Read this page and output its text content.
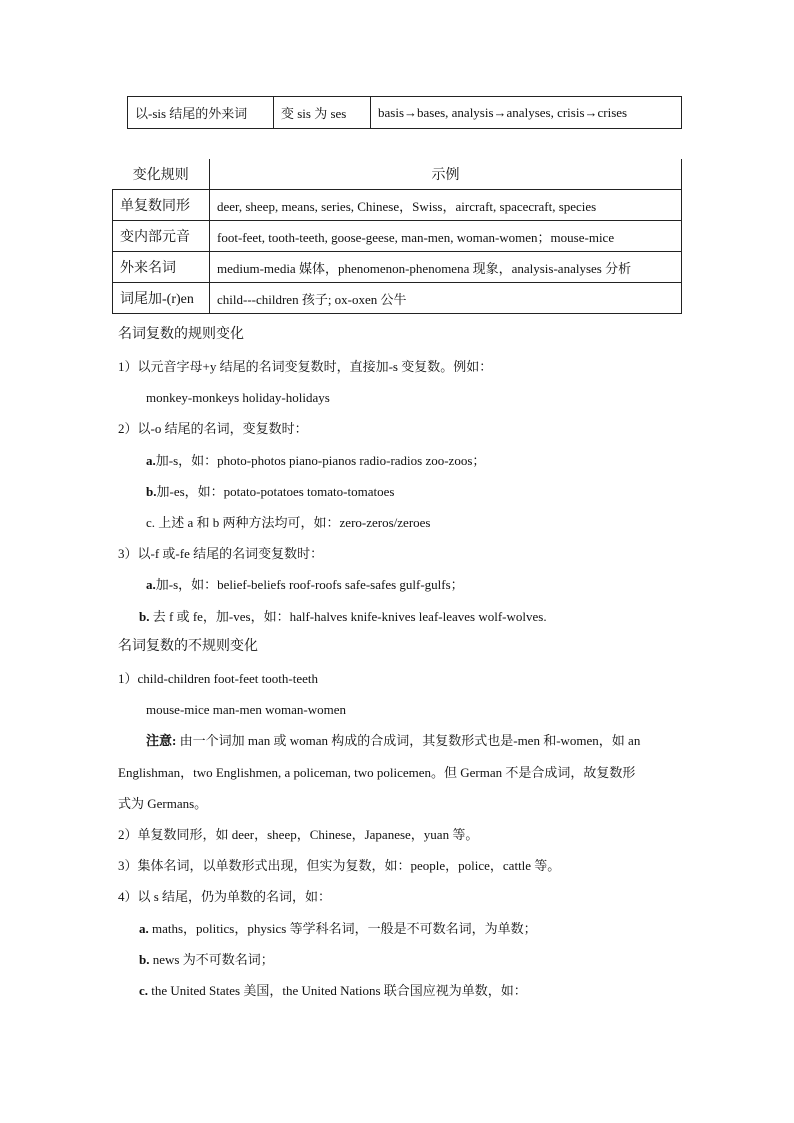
以-sis 结尾的外来词	变 sis 为 ses	basis→bases, analysis→analyses, crisis→crises
变化规则	示例
单复数同形	deer, sheep, means, series, Chinese，Swiss，aircraft, spacecraft, species
变内部元音	foot-feet, tooth-teeth, goose-geese, man-men, woman-women；mouse-mice
外来名词	medium-media 媒体，phenomenon-phenomena 现象，analysis-analyses 分析
词尾加-(r)en	child---children 孩子; ox-oxen 公牛
名词复数的规则变化
1）以元音字母+y 结尾的名词变复数时，直接加-s 变复数。例如：
monkey-monkeys holiday-holidays
2）以-o 结尾的名词，变复数时：
a.加-s，如：photo-photos piano-pianos radio-radios zoo-zoos；
b.加-es，如：potato-potatoes tomato-tomatoes
c. 上述 a 和 b 两种方法均可，如：zero-zeros/zeroes
3）以-f 或-fe 结尾的名词变复数时：
a.加-s，如：belief-beliefs roof-roofs safe-safes gulf-gulfs；
b. 去 f 或 fe，加-ves，如：half-halves knife-knives leaf-leaves wolf-wolves.
名词复数的不规则变化
1）child-children foot-feet tooth-teeth
mouse-mice man-men woman-women
注意: 由一个词加 man 或 woman 构成的合成词，其复数形式也是-men 和-women，如 an
Englishman，two Englishmen, a policeman, two policemen。但 German 不是合成词，故复数形
式为 Germans。
2）单复数同形，如 deer，sheep，Chinese，Japanese，yuan 等。
3）集体名词，以单数形式出现，但实为复数，如：people，police，cattle 等。
4）以 s 结尾，仍为单数的名词，如：
a. maths，politics，physics 等学科名词，一般是不可数名词，为单数；
b. news 为不可数名词；
c. the United States 美国，the United Nations 联合国应视为单数，如：
